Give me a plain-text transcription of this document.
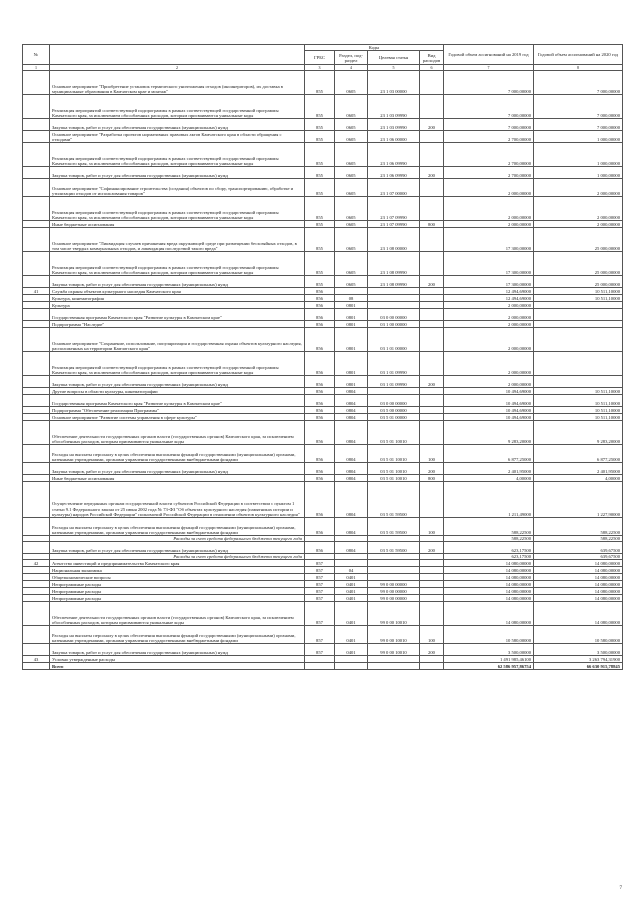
№		Коды				Годовой объем ассигнований на 2019 год	Годовой объем ассигнований на 2020 год
		ГРБС	Раздел, под-раздел	Целевая статья	Вид расходов		
1	2	3	4	5	6	7	8
	Основное мероприятие "Приобретение установок термического уничтожения отходов (инсинераторов), их доставка в муниципальные образования в Камчатском крае и монтаж"	855	0605	23 1 03 00000		7 000,00000	7 000,00000
	Реализация мероприятий соответствующей подпрограммы в рамках соответствующей государственной программы Камчатского края, за исключением обособленных расходов, которым присваиваются уникальные коды	855	0605	23 1 03 09990		7 000,00000	7 000,00000
	Закупка товаров, работ и услуг для обеспечения государственных (муниципальных) нужд	855	0605	23 1 03 09990	200	7 000,00000	7 000,00000
	Основное мероприятие "Разработка проектов нормативных правовых актов Камчатского края в области обращения с отходами"	855	0605	23 1 06 00000		2 700,00000	1 000,00000
	Реализация мероприятий соответствующей подпрограммы в рамках соответствующей государственной программы Камчатского края, за исключением обособленных расходов, которым присваиваются уникальные коды	855	0605	23 1 06 09990		2 700,00000	1 000,00000
	Закупка товаров, работ и услуг для обеспечения государственных (муниципальных) нужд	855	0605	23 1 06 09990	200	2 700,00000	1 000,00000
	Основное мероприятие "Софинансирование строительства (создания) объектов по сбору, транспортированию, обработке и утилизации отходов от использования товаров"	855	0605	23 1 07 00000		2 000,00000	2 000,00000
	Реализация мероприятий соответствующей подпрограммы в рамках соответствующей государственной программы Камчатского края, за исключением обособленных расходов, которым присваиваются уникальные коды	855	0605	23 1 07 09990		2 000,00000	2 000,00000
	Иные бюджетные ассигнования	855	0605	23 1 07 09990	800	2 000,00000	2 000,00000
	Основное мероприятие "Ликвидация случаев причинения вреда окружающей среде при размещении бесхозяйных отходов, в том числе твердых коммунальных отходов, и ликвидация последствий такого вреда"	855	0605	23 1 08 00000		17 300,00000	25 000,00000
	Реализация мероприятий соответствующей подпрограммы в рамках соответствующей государственной программы Камчатского края, за исключением обособленных расходов, которым присваиваются уникальные коды	855	0605	23 1 08 09990		17 300,00000	25 000,00000
	Закупка товаров, работ и услуг для обеспечения государственных (муниципальных) нужд	855	0605	23 1 08 09990	200	17 300,00000	25 000,00000
41	Служба охраны объектов культурного наследия Камчатского края	856				12 494,69000	10 511,10000
	Культура, кинематография	856	08			12 494,69000	10 511,10000
	Культура	856	0801			2 000,00000	
	Государственная программа Камчатского края "Развитие культуры в Камчатском крае"	856	0801	03 0 00 00000		2 000,00000	
	Подпрограмма "Наследие"	856	0801	03 1 00 00000		2 000,00000	
	Основное мероприятие "Сохранение, использование, популяризация и государственная охрана объектов культурного наследия, расположенных на территории Камчатского края"	856	0801	03 1 01 00000		2 000,00000	
	Реализация мероприятий соответствующей подпрограммы в рамках соответствующей государственной программы Камчатского края, за исключением обособленных расходов, которым присваиваются уникальные коды	856	0801	03 1 01 09990		2 000,00000	
	Закупка товаров, работ и услуг для обеспечения государственных (муниципальных) нужд	856	0801	03 1 01 09990	200	2 000,00000	
	Другие вопросы в области культуры, кинематографии	856	0804			10 494,69000	10 511,10000
	Государственная программа Камчатского края "Развитие культуры в Камчатском крае"	856	0804	03 0 00 00000		10 494,69000	10 511,10000
	Подпрограмма "Обеспечение реализации Программы"	856	0804	03 5 00 00000		10 494,69000	10 511,10000
	Основное мероприятие "Развитие системы управления в сфере культуры"	856	0804	03 5 01 00000		10 494,69000	10 511,10000
	Обеспечение деятельности государственных органов власти (государственных органов) Камчатского края, за исключением обособленных расходов, которым присваиваются уникальные коды	856	0804	03 5 01 10010		9 283,20000	9 283,20000
	Расходы на выплаты персоналу в целях обеспечения выполнения функций государственными (муниципальными) органами, казенными учреждениями, органами управления государственными внебюджетными фондами	856	0804	03 5 01 10010	100	6 877,25000	6 877,25000
	Закупка товаров, работ и услуг для обеспечения государственных (муниципальных) нужд	856	0804	03 5 01 10010	200	2 401,95000	2 401,95000
	Иные бюджетные ассигнования	856	0804	03 5 01 10010	800	4,00000	4,00000
	Осуществление переданных органам государственной власти субъектов Российской Федерации в соответствии с пунктом 1 статьи 9.1 Федерального закона от 25 июня 2002 года № 73-ФЗ "Об объектах культурного наследия (памятниках истории и культуры) народов Российской Федерации" полномочий Российской Федерации в отношении объектов культурного наследия"	856	0804	03 5 01 59500		1 211,49000	1 227,90000
	Расходы на выплаты персоналу в целях обеспечения выполнения функций государственными (муниципальными) органами, казенными учреждениями, органами управления государственными внебюджетными фондами	856	0804	03 5 01 59500	100	588,22500	588,22500
	Расходы за счет средств федерального бюджета текущего года					588,22500	588,22500
	Закупка товаров, работ и услуг для обеспечения государственных (муниципальных) нужд	856	0804	03 5 01 59500	200	623,17500	639,67500
	Расходы за счет средств федерального бюджета текущего года					623,17500	639,67500
42	Агентство инвестиций и предпринимательства Камчатского края	857				14 080,00000	14 080,00000
	Национальная экономика	857	04			14 080,00000	14 080,00000
	Общеэкономические вопросы	857	0401			14 080,00000	14 080,00000
	Непрограммные расходы	857	0401	99 0 00 00000		14 080,00000	14 080,00000
	Непрограммные расходы	857	0401	99 0 00 00000		14 080,00000	14 080,00000
	Непрограммные расходы	857	0401	99 0 00 00000		14 080,00000	14 080,00000
	Обеспечение деятельности государственных органов власти (государственных органов) Камчатского края, за исключением обособленных расходов, которым присваиваются уникальные коды	857	0401	99 0 00 10010		14 080,00000	14 080,00000
	Расходы на выплаты персоналу в целях обеспечения выполнения функций государственными (муниципальными) органами, казенными учреждениями, органами управления государственными внебюджетными фондами	857	0401	99 0 00 10010	100	10 580,00000	10 580,00000
	Закупка товаров, работ и услуг для обеспечения государственных (муниципальных) нужд	857	0401	99 0 00 10010	200	3 500,00000	3 500,00000
43	Условно утвержденные расходы					1 491 985,46100	3 263 794,31900
	Всего					62 586 957,86754	66 630 915,78845
7
